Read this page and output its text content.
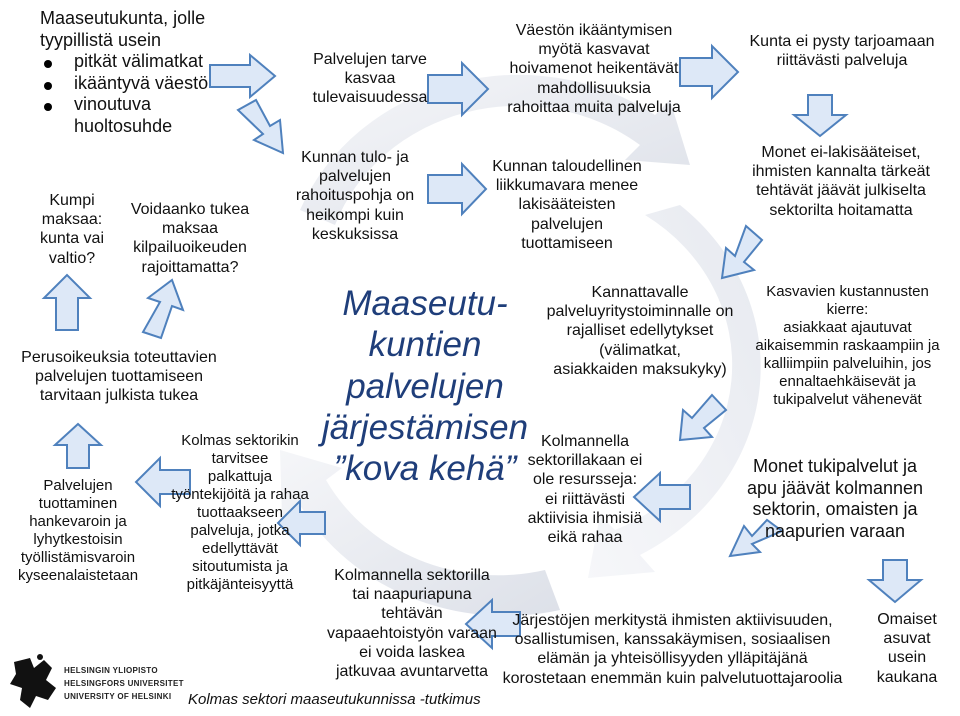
Maaseutukunta, jolle
tyypillistä usein
pitkät välimatkat
ikääntyvä väestö
vinoutuva
huoltosuhde
Kumpi
maksaa:
kunta vai
valtio?
Voidaanko tukea
maksaa
kilpailuoikeuden
rajoittamatta?
Perusoikeuksia toteuttavien
palvelujen tuottamiseen
tarvitaan julkista tukea
Palvelujen
tuottaminen
hankevaroin ja
lyhytkestoisin
työllistämisvaroin
kyseenalaistetaan
Kolmas sektorikin
tarvitsee
palkattuja
työntekijöitä ja rahaa
tuottaakseen
palveluja, jotka
edellyttävät
sitoutumista ja
pitkäjänteisyyttä
Palvelujen tarve
kasvaa
tulevaisuudessa
Kunnan tulo- ja
palvelujen
rahoituspohja on
heikompi kuin
keskuksissa
Maaseutu-
kuntien
palvelujen
järjestämisen
”kova kehä”
Kolmannella sektorilla
tai naapuriapuna
tehtävän
vapaaehtoistyön varaan
ei voida laskea
jatkuvaa avuntarvetta
Kolmas sektori maaseutukunnissa -tutkimus
Väestön ikääntymisen
myötä kasvavat
hoivamenot heikentävät
mahdollisuuksia
rahoittaa muita palveluja
Kunnan taloudellinen
liikkumavara menee
lakisääteisten
palvelujen
tuottamiseen
Kannattavalle
palveluyritystoiminnalle on
rajalliset edellytykset
(välimatkat,
asiakkaiden maksukyky)
Kolmannella
sektorillakaan ei
ole resursseja:
ei riittävästi
aktiivisia ihmisiä
eikä rahaa
Järjestöjen merkitystä ihmisten aktiivisuuden,
osallistumisen, kanssakäymisen, sosiaalisen
elämän ja yhteisöllisyyden ylläpitäjänä
korostetaan enemmän kuin palvelutuottajaroolia
Kunta ei pysty tarjoamaan
riittävästi palveluja
Monet ei-lakisääteiset,
ihmisten kannalta tärkeät
tehtävät jäävät julkiselta
sektorilta hoitamatta
Kasvavien kustannusten
kierre:
asiakkaat ajautuvat
aikaisemmin raskaampiin ja
kalliimpiin palveluihin, jos
ennaltaehkäisevät ja
tukipalvelut vähenevät
Monet tukipalvelut ja
apu jäävät kolmannen
sektorin, omaisten ja
naapurien varaan
Omaiset
asuvat
usein
kaukana
HELSINGIN YLIOPISTO
HELSINGFORS UNIVERSITET
UNIVERSITY OF HELSINKI
